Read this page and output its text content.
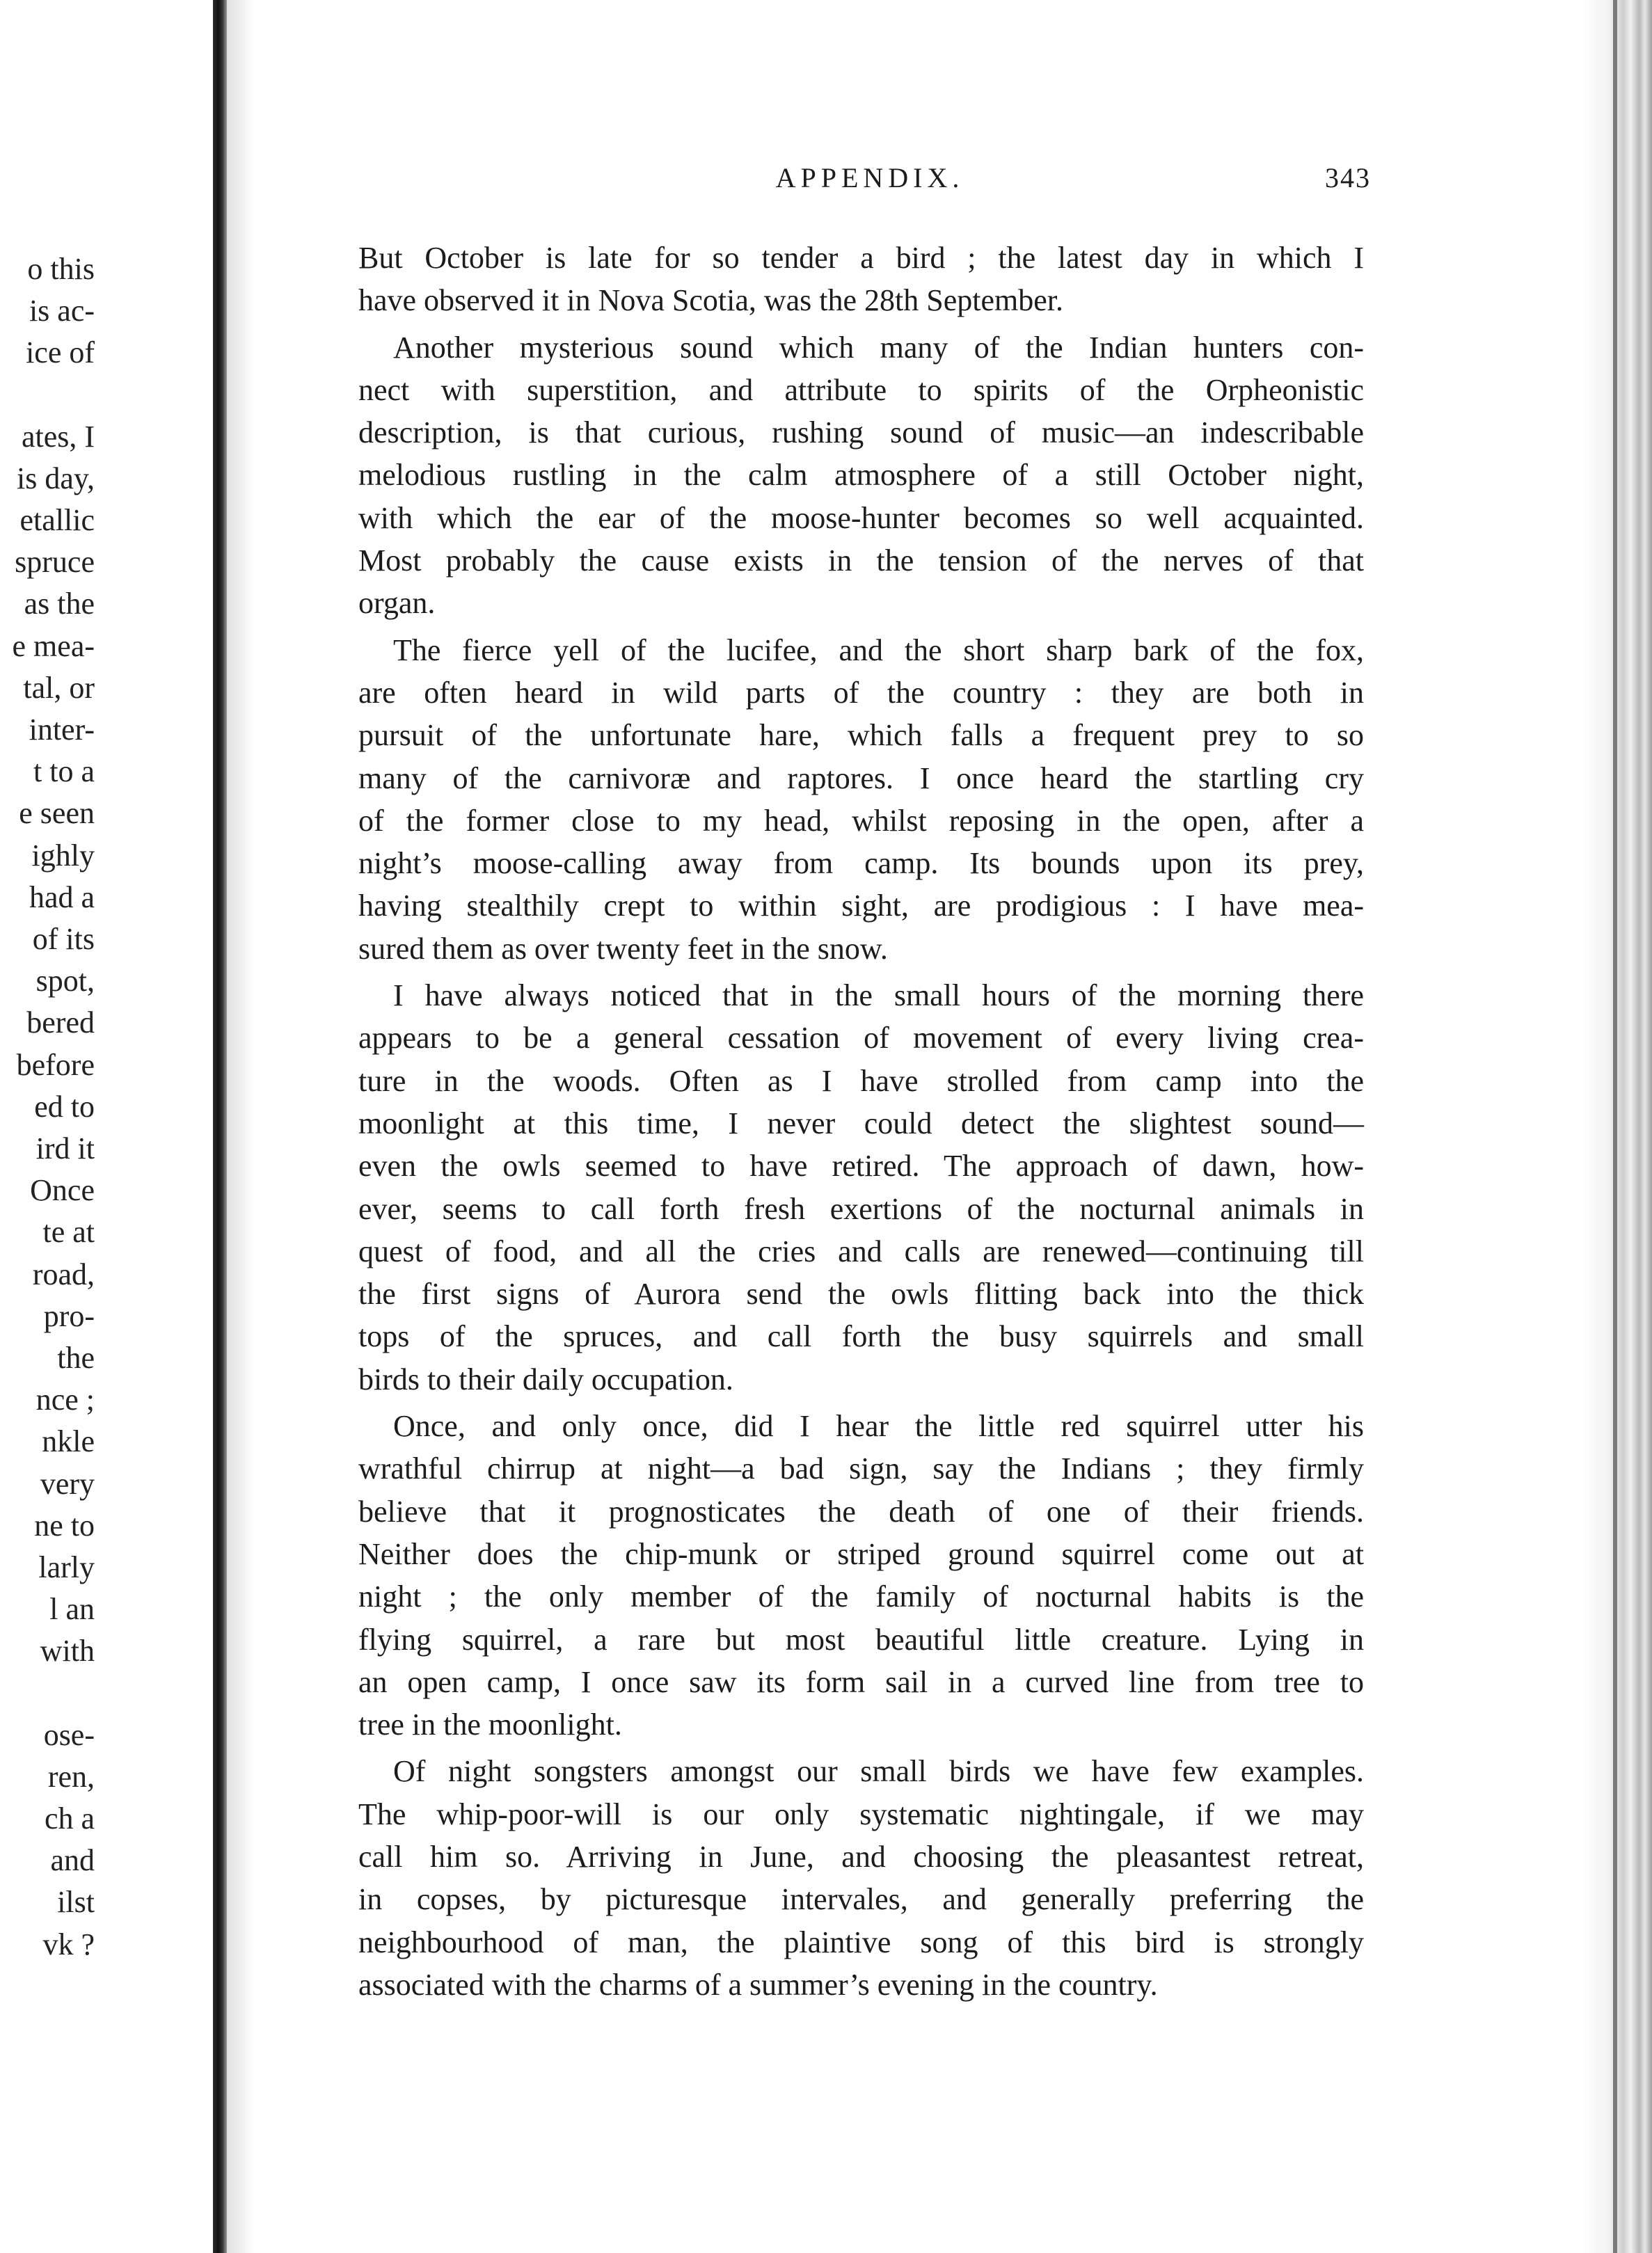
o this
is ac-
ice of
ates, I
is day,
etallic
spruce
as the
e mea-
tal, or
inter-
t to a
e seen
ighly
had a
of its
spot,
bered
before
ed to
ird it
Once
te at
road,
pro-
the
nce ;
nkle
very
ne to
larly
l an
with
ose-
ren,
ch a
and
ilst
vk ?
APPENDIX.	343
But October is late for so tender a bird ; the latest day in which I
have observed it in Nova Scotia, was the 28th September.
Another mysterious sound which many of the Indian hunters con-
nect with superstition, and attribute to spirits of the Orpheonistic
description, is that curious, rushing sound of music—an indescribable
melodious rustling in the calm atmosphere of a still October night,
with which the ear of the moose-hunter becomes so well acquainted.
Most probably the cause exists in the tension of the nerves of that
organ.
The fierce yell of the lucifee, and the short sharp bark of the fox,
are often heard in wild parts of the country : they are both in
pursuit of the unfortunate hare, which falls a frequent prey to so
many of the carnivoræ and raptores. I once heard the startling cry
of the former close to my head, whilst reposing in the open, after a
night’s moose-calling away from camp. Its bounds upon its prey,
having stealthily crept to within sight, are prodigious : I have mea-
sured them as over twenty feet in the snow.
I have always noticed that in the small hours of the morning there
appears to be a general cessation of movement of every living crea-
ture in the woods. Often as I have strolled from camp into the
moonlight at this time, I never could detect the slightest sound—
even the owls seemed to have retired. The approach of dawn, how-
ever, seems to call forth fresh exertions of the nocturnal animals in
quest of food, and all the cries and calls are renewed—continuing till
the first signs of Aurora send the owls flitting back into the thick
tops of the spruces, and call forth the busy squirrels and small
birds to their daily occupation.
Once, and only once, did I hear the little red squirrel utter his
wrathful chirrup at night—a bad sign, say the Indians ; they firmly
believe that it prognosticates the death of one of their friends.
Neither does the chip-munk or striped ground squirrel come out at
night ; the only member of the family of nocturnal habits is the
flying squirrel, a rare but most beautiful little creature. Lying in
an open camp, I once saw its form sail in a curved line from tree to
tree in the moonlight.
Of night songsters amongst our small birds we have few examples.
The whip-poor-will is our only systematic nightingale, if we may
call him so. Arriving in June, and choosing the pleasantest retreat,
in copses, by picturesque intervales, and generally preferring the
neighbourhood of man, the plaintive song of this bird is strongly
associated with the charms of a summer’s evening in the country.
